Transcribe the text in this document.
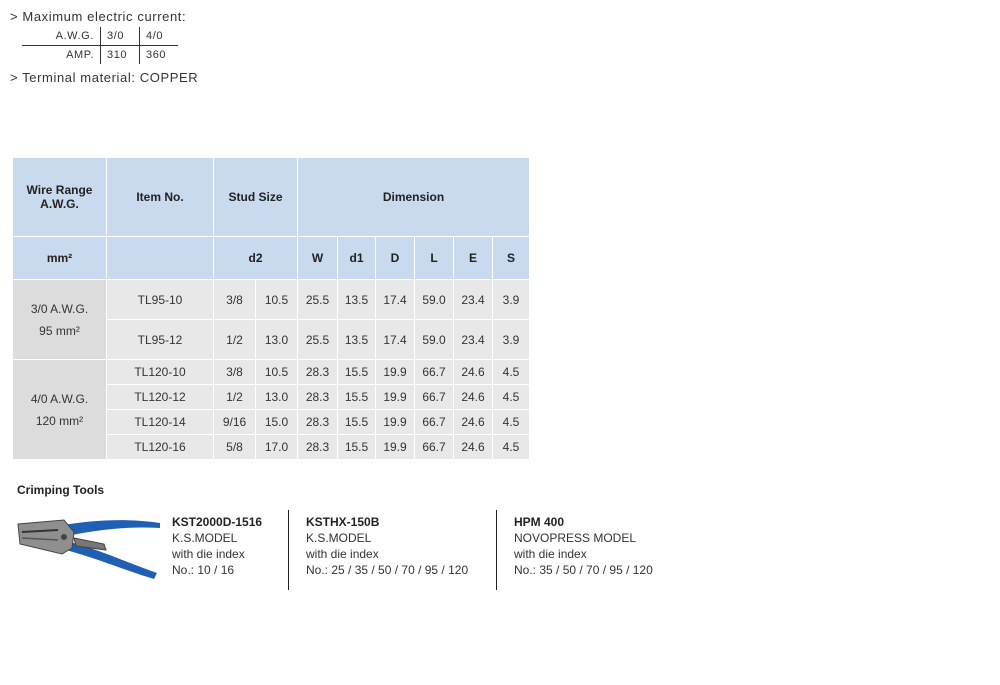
> Maximum electric current:
A.W.G.	3/0	4/0
AMP.	310	360
> Terminal material: COPPER
Wire Range
A.W.G.	Item No.	Stud Size		Dimension					
mm²		d2		W	d1	D	L	E	S
3/0 A.W.G.
95 mm²	TL95-10	3/8	10.5	25.5	13.5	17.4	59.0	23.4	3.9
	TL95-12	1/2	13.0	25.5	13.5	17.4	59.0	23.4	3.9
4/0 A.W.G.
120 mm²	TL120-10	3/8	10.5	28.3	15.5	19.9	66.7	24.6	4.5
	TL120-12	1/2	13.0	28.3	15.5	19.9	66.7	24.6	4.5
	TL120-14	9/16	15.0	28.3	15.5	19.9	66.7	24.6	4.5
	TL120-16	5/8	17.0	28.3	15.5	19.9	66.7	24.6	4.5
Crimping Tools
KST2000D-1516
K.S.MODEL
with die index
No.: 10 / 16
KSTHX-150B
K.S.MODEL
with die index
No.: 25 / 35 / 50 / 70 / 95 / 120
HPM 400
NOVOPRESS MODEL
with die index
No.: 35 / 50 / 70 / 95 / 120
